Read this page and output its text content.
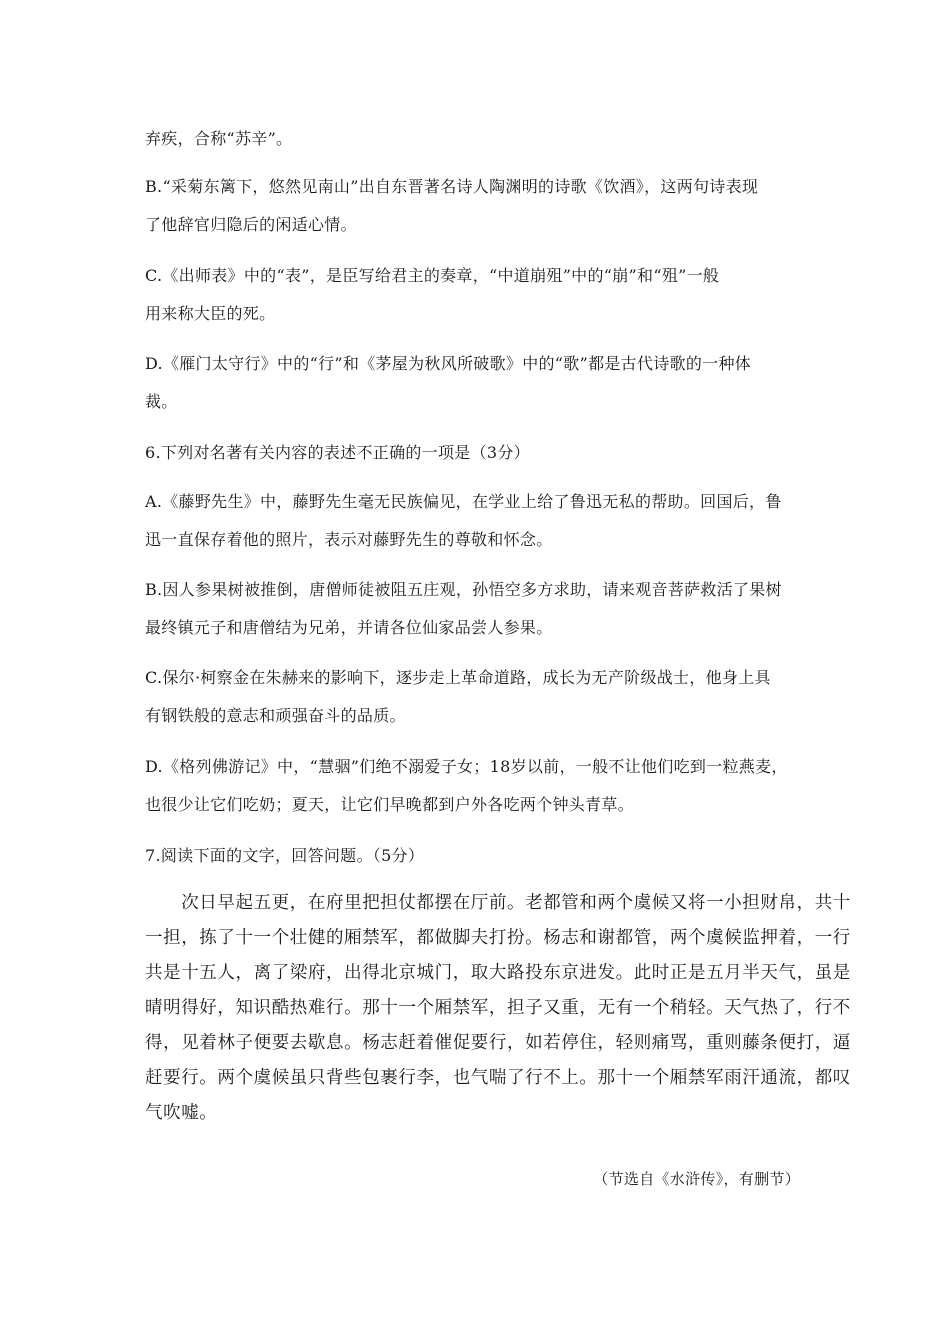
弃疾，合称“苏辛”。
B.“采菊东篱下，悠然见南山”出自东晋著名诗人陶渊明的诗歌《饮酒》，这两句诗表现
了他辞官归隐后的闲适心情。
C.《出师表》中的“表”，是臣写给君主的奏章，“中道崩殂”中的“崩”和“殂”一般
用来称大臣的死。
D.《雁门太守行》中的“行”和《茅屋为秋风所破歌》中的“歌”都是古代诗歌的一种体
裁。
6.下列对名著有关内容的表述不正确的一项是（3分）
A.《藤野先生》中，藤野先生毫无民族偏见，在学业上给了鲁迅无私的帮助。回国后，鲁
迅一直保存着他的照片，表示对藤野先生的尊敬和怀念。
B.因人参果树被推倒，唐僧师徒被阻五庄观，孙悟空多方求助，请来观音菩萨救活了果树
最终镇元子和唐僧结为兄弟，并请各位仙家品尝人参果。
C.保尔·柯察金在朱赫来的影响下，逐步走上革命道路，成长为无产阶级战士，他身上具
有钢铁般的意志和顽强奋斗的品质。
D.《格列佛游记》中，“慧骃”们绝不溺爱子女；18岁以前，一般不让他们吃到一粒燕麦，
也很少让它们吃奶；夏天，让它们早晚都到户外各吃两个钟头青草。
7.阅读下面的文字，回答问题。（5分）
　　次日早起五更，在府里把担仗都摆在厅前。老都管和两个虞候又将一小担财帛，共十
一担，拣了十一个壮健的厢禁军，都做脚夫打扮。杨志和谢都管，两个虞候监押着，一行
共是十五人，离了梁府，出得北京城门，取大路投东京进发。此时正是五月半天气，虽是
晴明得好，知识酷热难行。那十一个厢禁军，担子又重，无有一个稍轻。天气热了，行不
得，见着林子便要去歇息。杨志赶着催促要行，如若停住，轻则痛骂，重则藤条便打，逼
赶要行。两个虞候虽只背些包裹行李，也气喘了行不上。那十一个厢禁军雨汗通流，都叹
气吹嘘。
（节选自《水浒传》，有删节）
